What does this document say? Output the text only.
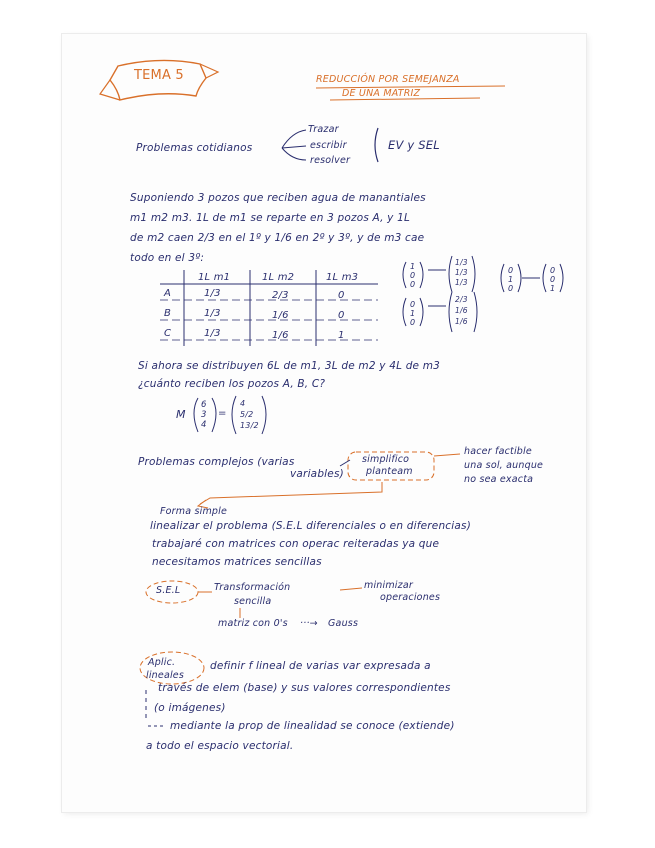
TEMA 5	REDUCCIÓN POR SEMEJANZA
DE UNA MATRIZ
Problemas cotidianos
Trazar
escribir
resolver
EV y SEL
Suponiendo 3 pozos que reciben agua de manantiales
m1 m2 m3. 1L de m1 se reparte en 3 pozos A, y 1L
de m2 caen 2/3 en el 1º y 1/6 en 2º y 3º, y de m3 cae
todo en el 3º:
1L m1	1L m2	1L m3
A	1/3	2/3	0
B	1/3	1/6	0
C	1/3	1/6	1
1
0
0
1/3
1/3
1/3
0
1
0
0
0
1
0
1
0
2/3
1/6
1/6
Si ahora se distribuyen 6L de m1, 3L de m2 y 4L de m3
¿cuánto reciben los pozos A, B, C?
M
6
3
4
=
4
5/2
13/2
Problemas complejos (varias
variables)
simplifico
planteam
hacer factible
una sol, aunque
no sea exacta
Forma simple
linealizar el problema (S.E.L diferenciales o en diferencias)
trabajaré con matrices con operac reiteradas ya que
necesitamos matrices sencillas
S.E.L	Transformación
sencilla
minimizar
operaciones
matriz con 0's ···→ Gauss
Aplic.
lineales
definir f lineal de varias var expresada a
través de elem (base) y sus valores correspondientes
(o imágenes)
mediante la prop de linealidad se conoce (extiende)
a todo el espacio vectorial.
